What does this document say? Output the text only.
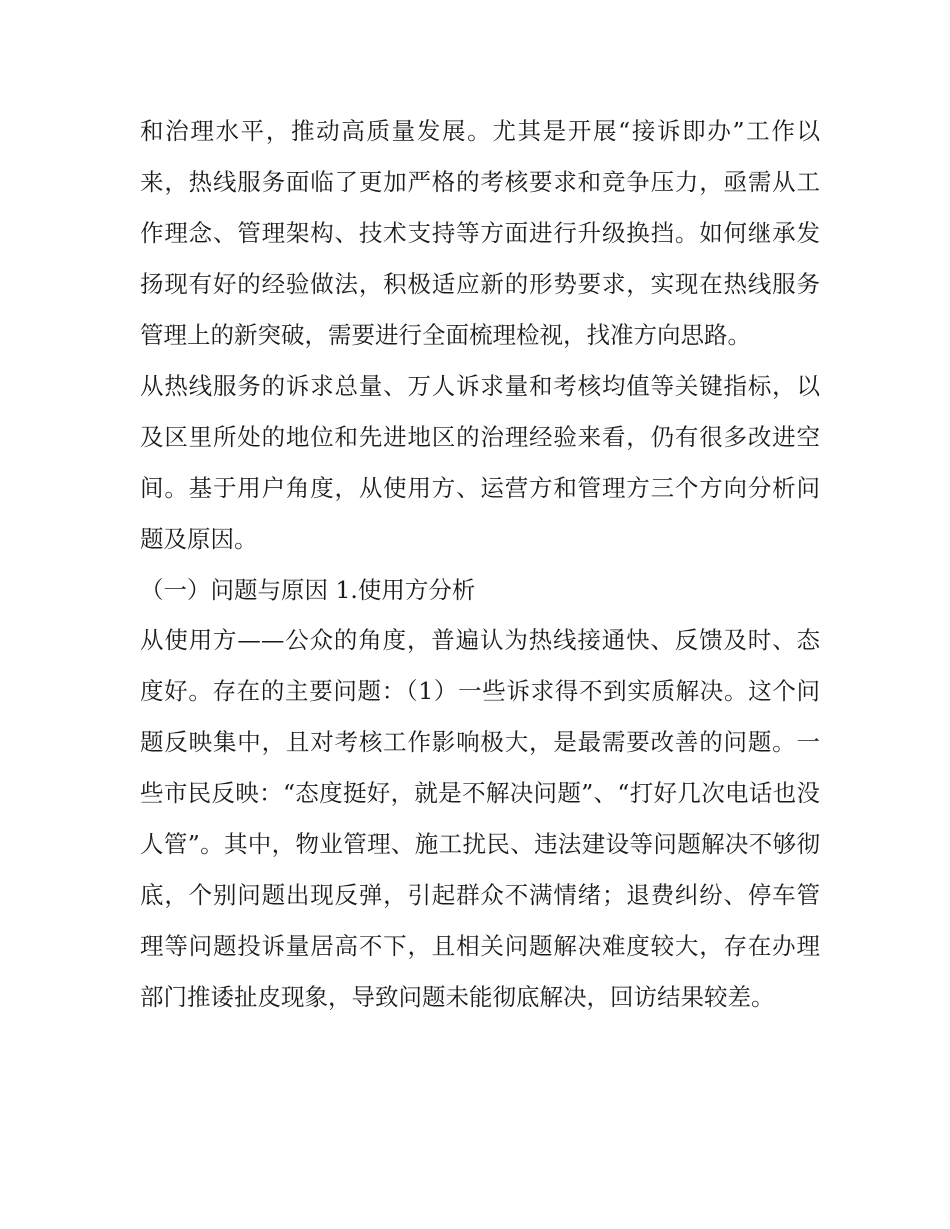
和治理水平，推动高质量发展。尤其是开展“接诉即办”工作以来，热线服务面临了更加严格的考核要求和竞争压力，亟需从工作理念、管理架构、技术支持等方面进行升级换挡。如何继承发扬现有好的经验做法，积极适应新的形势要求，实现在热线服务管理上的新突破，需要进行全面梳理检视，找准方向思路。

从热线服务的诉求总量、万人诉求量和考核均值等关键指标，以及区里所处的地位和先进地区的治理经验来看，仍有很多改进空间。基于用户角度，从使用方、运营方和管理方三个方向分析问题及原因。

（一）问题与原因 1.使用方分析

从使用方——公众的角度，普遍认为热线接通快、反馈及时、态度好。存在的主要问题：（1）一些诉求得不到实质解决。这个问题反映集中，且对考核工作影响极大，是最需要改善的问题。一些市民反映：“态度挺好，就是不解决问题”、“打好几次电话也没人管”。其中，物业管理、施工扰民、违法建设等问题解决不够彻底，个别问题出现反弹，引起群众不满情绪；退费纠纷、停车管理等问题投诉量居高不下，且相关问题解决难度较大，存在办理部门推诿扯皮现象，导致问题未能彻底解决，回访结果较差。
